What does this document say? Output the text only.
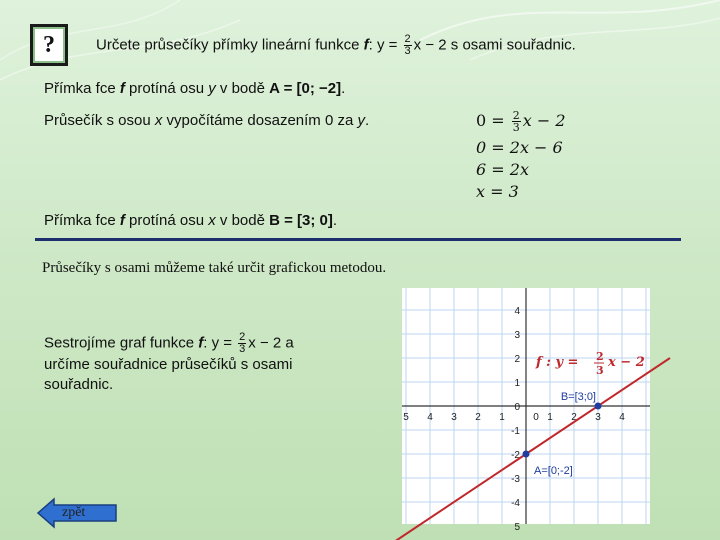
?	Určete průsečíky přímky lineární funkce f: $y = \frac{2}{3}$ x − 2 s osami souřadnic.
Přímka fce f protíná osu y v bodě A = [0; −2].
Průsečík s osou x vypočítáme dosazením 0 za y.	$0 = \frac{2}{3}$ x − 2
0 = 2x − 6
6 = 2x
x = 3
Přímka fce f protíná osu x v bodě B = [3; 0].
Průsečíky s osami můžeme také určit grafickou metodou.
Sestrojíme graf funkce f: $y = \frac{2}{3}$ x − 2 a
určíme souřadnice průsečíků s osami
souřadnic.
4
3
2
1
0
-1
-2
-3
-4
5
5 4 3 2 1	0 1 2 3 4
B=[3;0]
A=[0;-2]
f : y = 2
3
x − 2
zpět
